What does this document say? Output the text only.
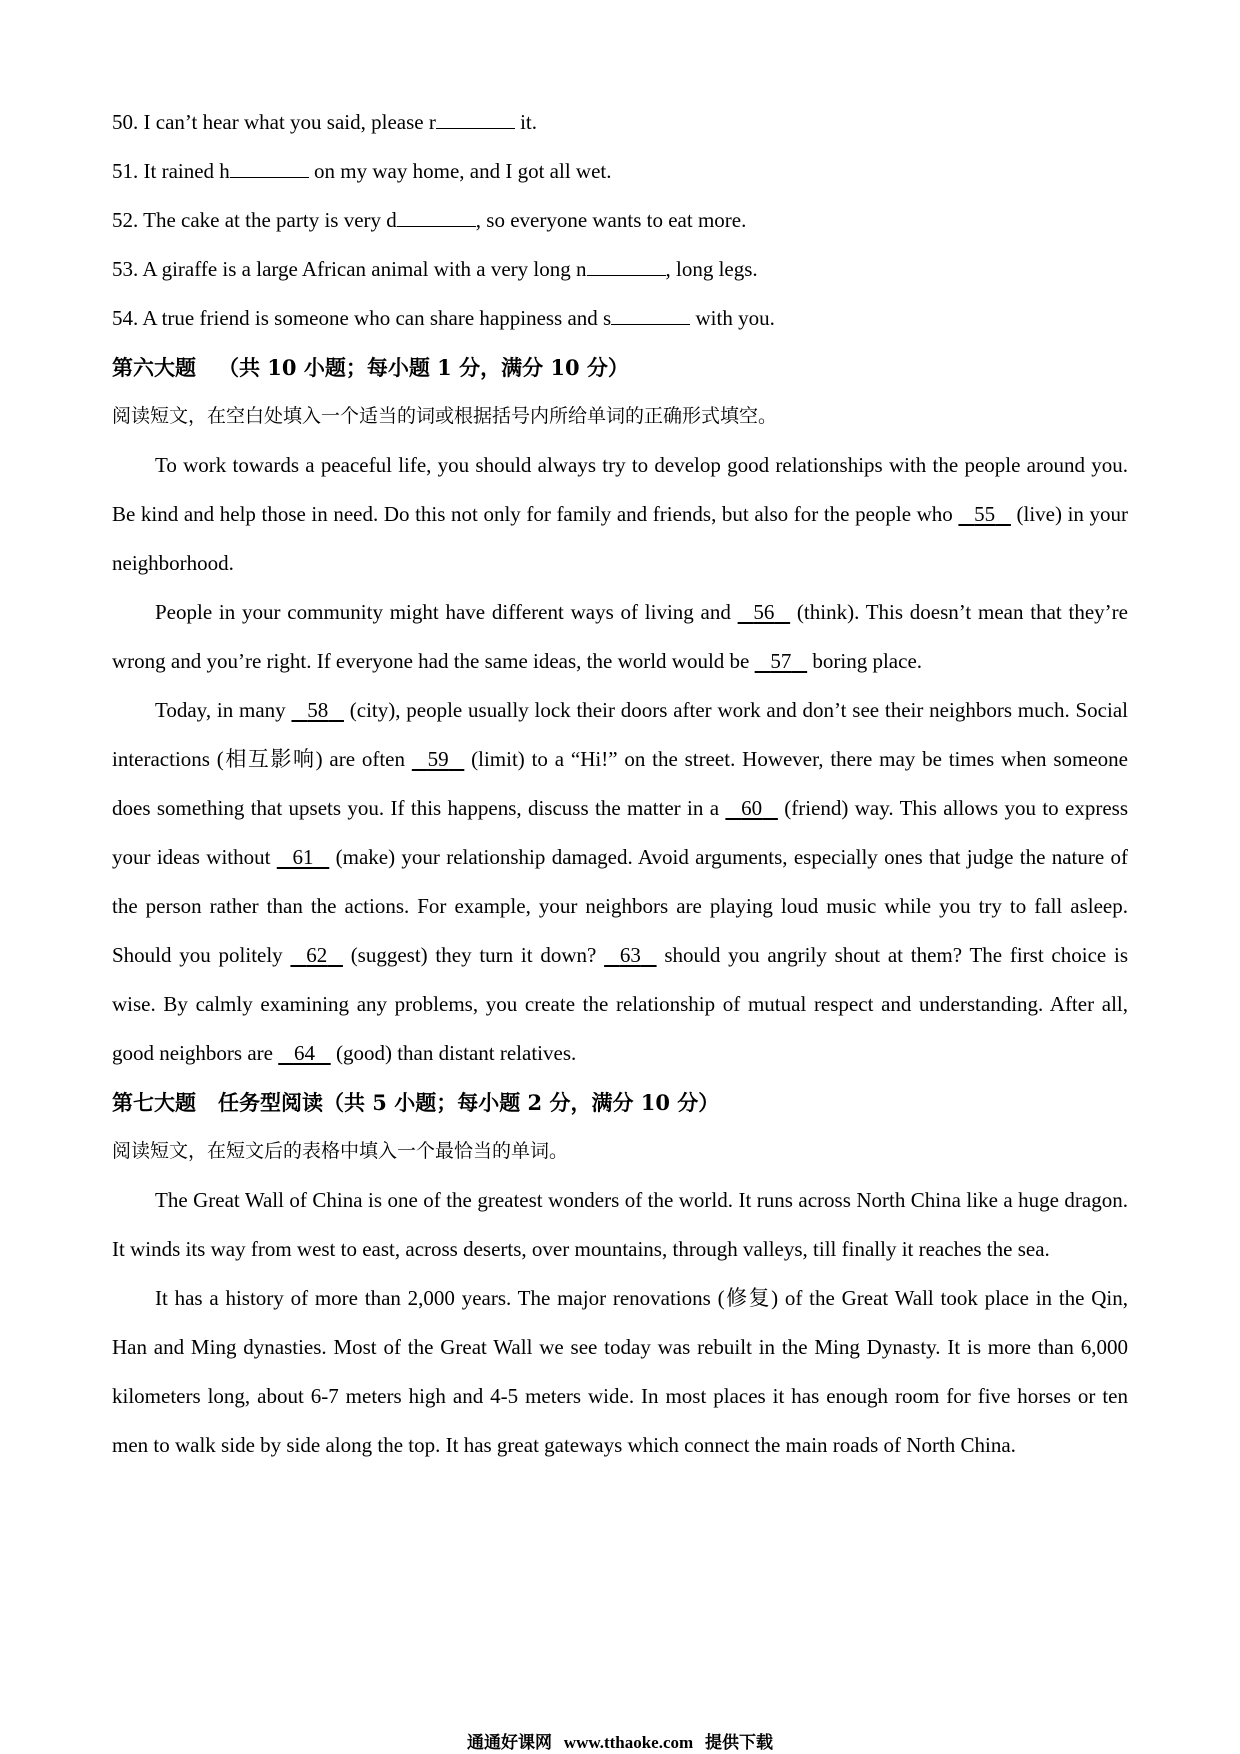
50. I can’t hear what you said, please r	it.
51. It rained h	on my way home, and I got all wet.
52. The cake at the party is very d	, so everyone wants to eat more.
53. A giraffe is a large African animal with a very long n	, long legs.
54. A true friend is someone who can share happiness and s	with you.
第六大题 （共 10 小题；每小题 1 分，满分 10 分）
阅读短文，在空白处填入一个适当的词或根据括号内所给单词的正确形式填空。

To work towards a peaceful life, you should always try to develop good relationships with the people around you. Be kind and help those in need. Do this not only for family and friends, but also for the people who    55    (live) in your neighborhood.

People in your community might have different ways of living and    56    (think). This doesn’t mean that they’re wrong and you’re right. If everyone had the same ideas, the world would be    57    boring place.

Today, in many    58    (city), people usually lock their doors after work and don’t see their neighbors much. Social interactions (相互影响) are often    59    (limit) to a “Hi!” on the street. However, there may be times when someone does something that upsets you. If this happens, discuss the matter in a    60    (friend) way. This allows you to express your ideas without    61    (make) your relationship damaged. Avoid arguments, especially ones that judge the nature of the person rather than the actions. For example, your neighbors are playing loud music while you try to fall asleep. Should you politely    62    (suggest) they turn it down?    63    should you angrily shout at them? The first choice is wise. By calmly examining any problems, you create the relationship of mutual respect and understanding. After all, good neighbors are    64    (good) than distant relatives.

第七大题 任务型阅读（共 5 小题；每小题 2 分，满分 10 分）
阅读短文，在短文后的表格中填入一个最恰当的单词。

The Great Wall of China is one of the greatest wonders of the world. It runs across North China like a huge dragon. It winds its way from west to east, across deserts, over mountains, through valleys, till finally it reaches the sea.

It has a history of more than 2,000 years. The major renovations (修复) of the Great Wall took place in the Qin, Han and Ming dynasties. Most of the Great Wall we see today was rebuilt in the Ming Dynasty. It is more than 6,000 kilometers long, about 6-7 meters high and 4-5 meters wide. In most places it has enough room for five horses or ten men to walk side by side along the top. It has great gateways which connect the main roads of North China.

通通好课网 www.tthaoke.com 提供下载
